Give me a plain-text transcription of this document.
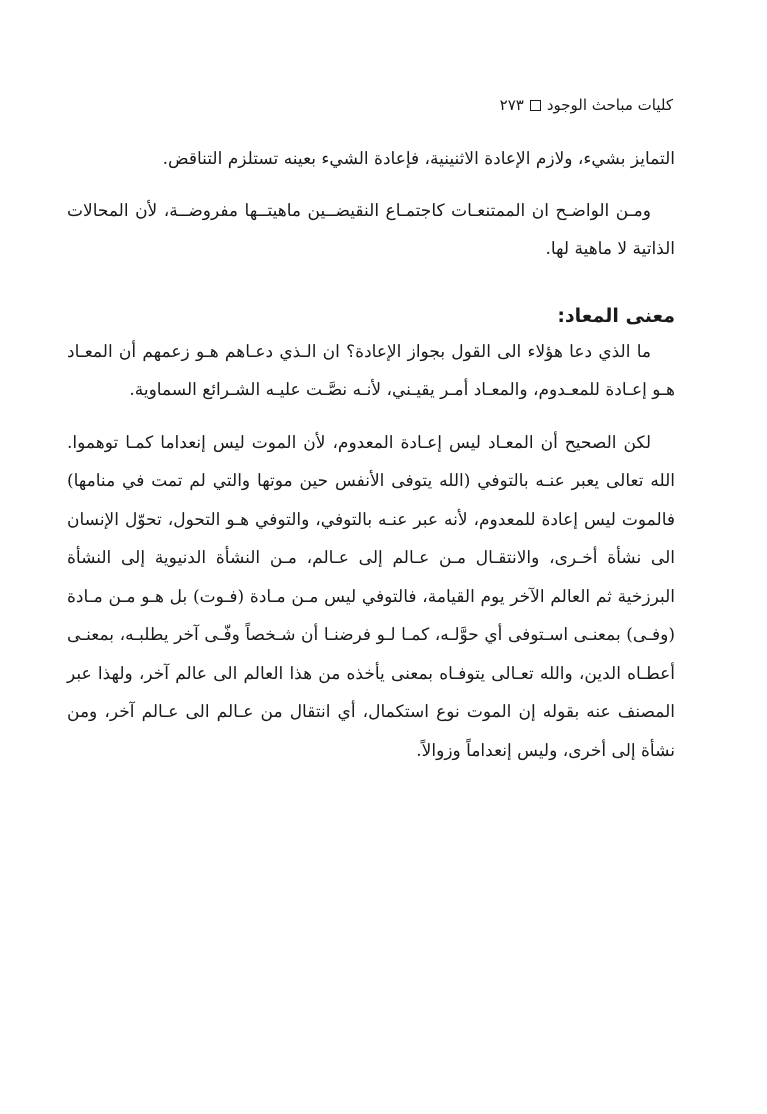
كليات مباحث الوجود٢٧٣

التمايز بشيء، ولازم الإعادة الاثنينية، فإعادة الشيء بعينه تستلزم التناقض.

ومـن الواضـح ان الممتنعـات كاجتمـاع النقيضــين ماهيتــها مفروضــة، لأن المحالات الذاتية لا ماهية لها.

معنى المعاد:

ما الذي دعا هؤلاء الى القول بجواز الإعادة؟ ان الـذي دعـاهم هـو زعمهم أن المعـاد هـو إعـادة للمعـدوم، والمعـاد أمـر يقيـني، لأنـه نصَّـت عليـه الشـرائع السماوية.

لكن الصحيح أن المعـاد ليس إعـادة المعدوم، لأن الموت ليس إنعداما كمـا توهموا. الله تعالى يعبر عنـه بالتوفي (الله يتوفى الأنفس حين موتها والتي لم تمت في منامها) فالموت ليس إعادة للمعدوم، لأنه عبر عنـه بالتوفي، والتوفي هـو التحول، تحوّل الإنسان الى نشأة أخـرى، والانتقـال مـن عـالم إلى عـالم، مـن النشأة الدنيوية إلى النشأة البرزخية ثم العالم الآخر يوم القيامة، فالتوفي ليس مـن مـادة (فـوت) بل هـو مـن مـادة (وفـى) بمعنـى اسـتوفى أي حوَّلـه، كمـا لـو فرضنـا أن شـخصاً وفّـى آخر يطلبـه، بمعنـى أعطـاه الدين، والله تعـالى يتوفـاه بمعنى يأخذه من هذا العالم الى عالم آخر، ولهذا عبر المصنف عنه بقوله إن الموت نوع استكمال، أي انتقال من عـالم الى عـالم آخر، ومن نشأة إلى أخرى، وليس إنعداماً وزوالاً.
